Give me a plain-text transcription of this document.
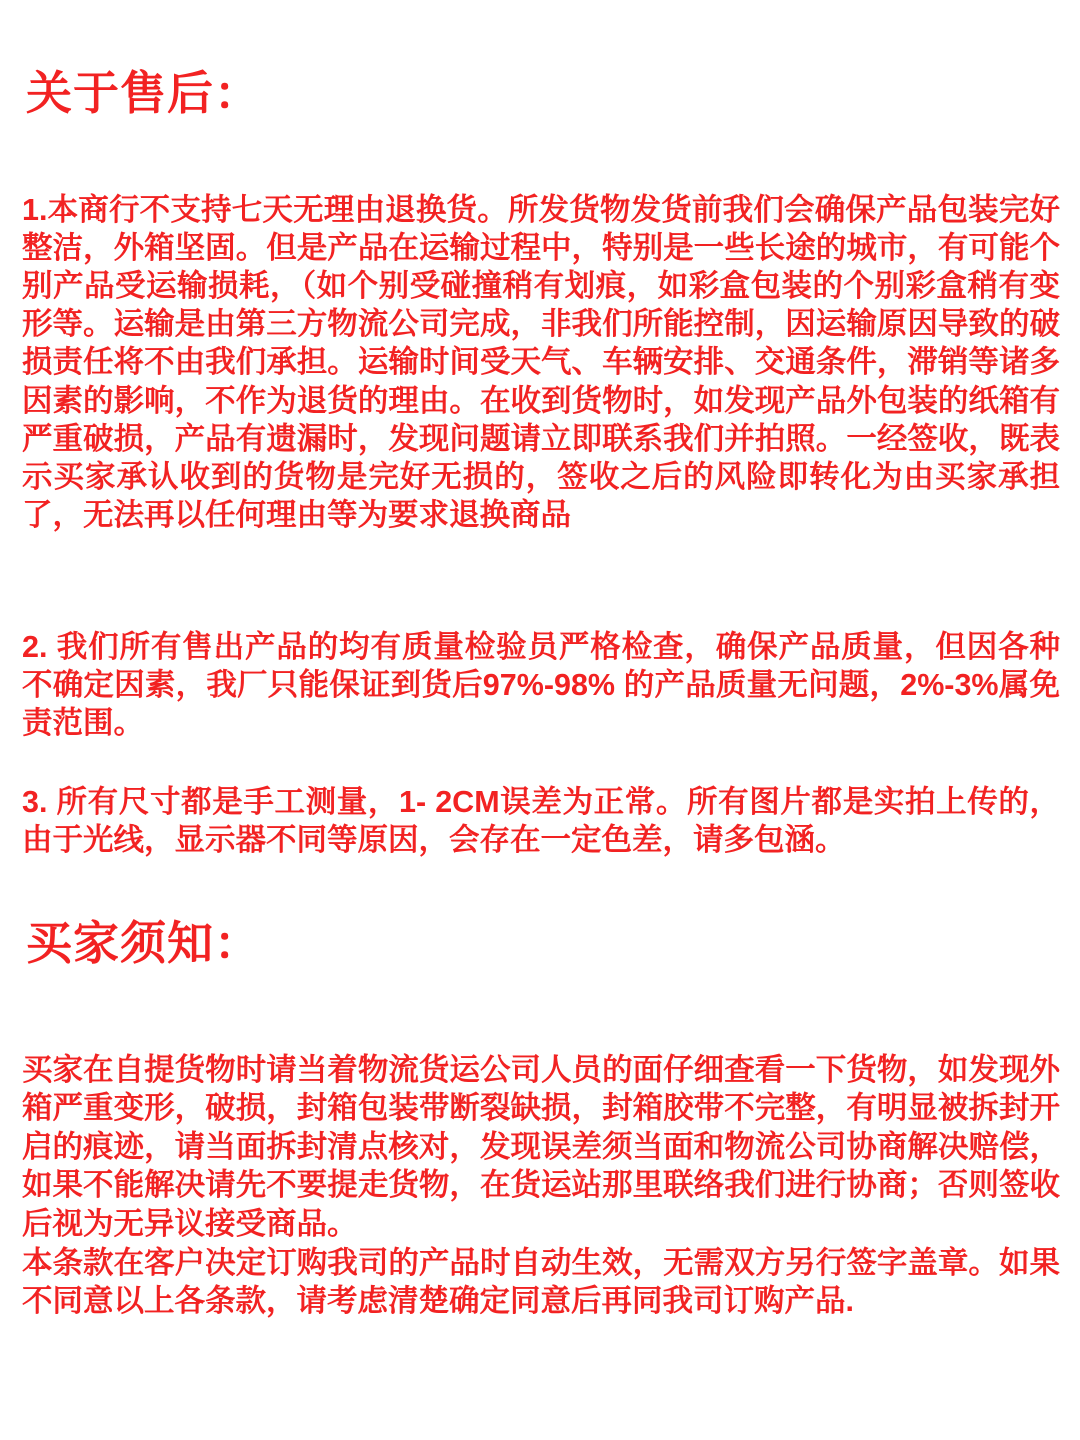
关于售后：

1.本商行不支持七天无理由退换货。所发货物发货前我们会确保产品包装完好整洁，外箱坚固。但是产品在运输过程中，特别是一些长途的城市，有可能个别产品受运输损耗，（如个别受碰撞稍有划痕，如彩盒包装的个别彩盒稍有变形等。运输是由第三方物流公司完成，非我们所能控制，因运输原因导致的破损责任将不由我们承担。运输时间受天气、车辆安排、交通条件，滞销等诸多因素的影响，不作为退货的理由。在收到货物时，如发现产品外包装的纸箱有严重破损，产品有遗漏时，发现问题请立即联系我们并拍照。一经签收，既表示买家承认收到的货物是完好无损的，签收之后的风险即转化为由买家承担了，无法再以任何理由等为要求退换商品

2. 我们所有售出产品的均有质量检验员严格检查，确保产品质量，但因各种不确定因素，我厂只能保证到货后97%-98% 的产品质量无问题，2%-3%属免责范围。

3. 所有尺寸都是手工测量，1- 2CM误差为正常。所有图片都是实拍上传的，由于光线，显示器不同等原因，会存在一定色差，请多包涵。

买家须知：

买家在自提货物时请当着物流货运公司人员的面仔细查看一下货物，如发现外箱严重变形，破损，封箱包装带断裂缺损，封箱胶带不完整，有明显被拆封开启的痕迹，请当面拆封清点核对，发现误差须当面和物流公司协商解决赔偿，如果不能解决请先不要提走货物，在货运站那里联络我们进行协商；否则签收后视为无异议接受商品。

本条款在客户决定订购我司的产品时自动生效，无需双方另行签字盖章。如果不同意以上各条款，请考虑清楚确定同意后再同我司订购产品.
